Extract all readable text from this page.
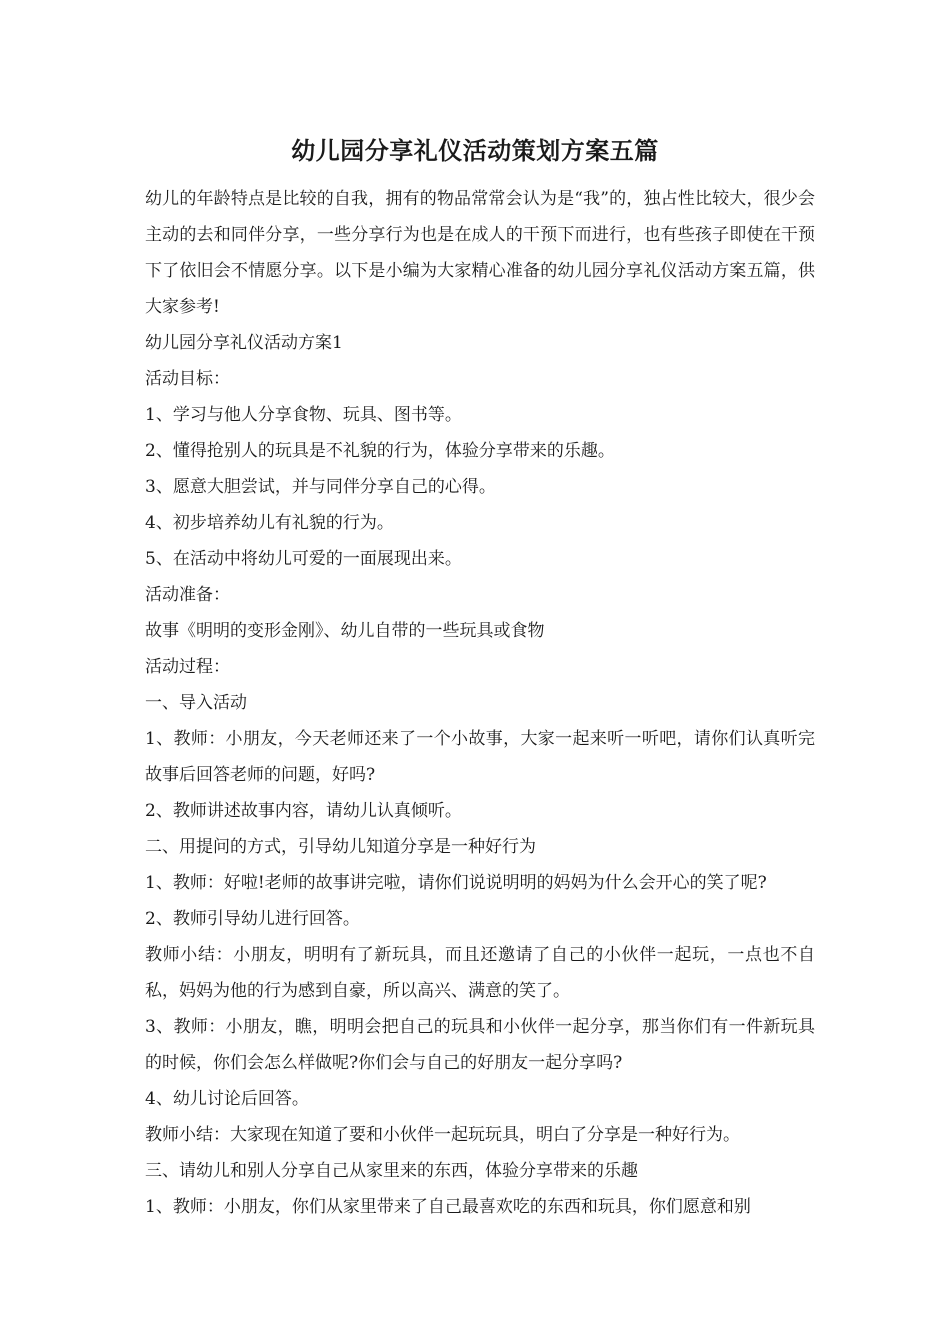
幼儿园分享礼仪活动策划方案五篇

幼儿的年龄特点是比较的自我，拥有的物品常常会认为是“我”的，独占性比较大，很少会主动的去和同伴分享，一些分享行为也是在成人的干预下而进行，也有些孩子即使在干预下了依旧会不情愿分享。以下是小编为大家精心准备的幼儿园分享礼仪活动方案五篇，供大家参考!

幼儿园分享礼仪活动方案1

活动目标：

1、学习与他人分享食物、玩具、图书等。

2、懂得抢别人的玩具是不礼貌的行为，体验分享带来的乐趣。

3、愿意大胆尝试，并与同伴分享自己的心得。

4、初步培养幼儿有礼貌的行为。

5、在活动中将幼儿可爱的一面展现出来。

活动准备：

故事《明明的变形金刚》、幼儿自带的一些玩具或食物

活动过程：

一、导入活动

1、教师：小朋友，今天老师还来了一个小故事，大家一起来听一听吧，请你们认真听完故事后回答老师的问题，好吗?

2、教师讲述故事内容，请幼儿认真倾听。

二、用提问的方式，引导幼儿知道分享是一种好行为

1、教师：好啦!老师的故事讲完啦，请你们说说明明的妈妈为什么会开心的笑了呢?

2、教师引导幼儿进行回答。

教师小结：小朋友，明明有了新玩具，而且还邀请了自己的小伙伴一起玩，一点也不自私，妈妈为他的行为感到自豪，所以高兴、满意的笑了。

3、教师：小朋友，瞧，明明会把自己的玩具和小伙伴一起分享，那当你们有一件新玩具的时候，你们会怎么样做呢?你们会与自己的好朋友一起分享吗?

4、幼儿讨论后回答。

教师小结：大家现在知道了要和小伙伴一起玩玩具，明白了分享是一种好行为。

三、请幼儿和别人分享自己从家里来的东西，体验分享带来的乐趣

1、教师：小朋友，你们从家里带来了自己最喜欢吃的东西和玩具，你们愿意和别
